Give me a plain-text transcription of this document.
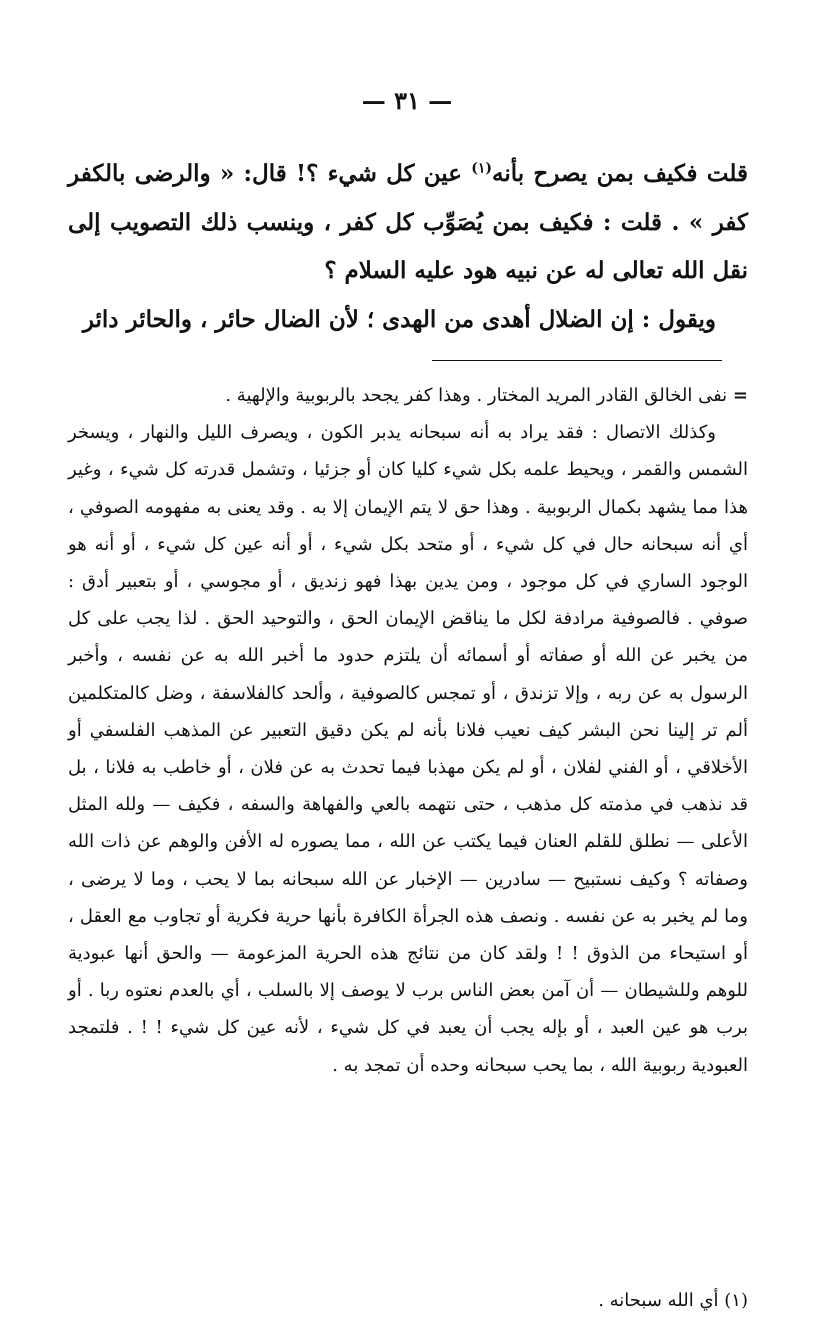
— ٣١ —

قلت فكيف بمن يصرح بأنه$^{(١)}$ عين كل شيء ؟! قال: « والرضى بالكفر كفر » . قلت : فكيف بمن يُصَوِّب كل كفر ، وينسب ذلك التصويب إلى نقل الله تعالى له عن نبيه هود عليه السلام ؟

ويقول : إن الضلال أهدى من الهدى ؛ لأن الضال حائر ، والحائر دائر

= نفى الخالق القادر المريد المختار . وهذا كفر يجحد بالربوبية والإلهية .

وكذلك الاتصال : فقد يراد به أنه سبحانه يدبر الكون ، ويصرف الليل والنهار ، ويسخر الشمس والقمر ، ويحيط علمه بكل شيء كليا كان أو جزئيا ، وتشمل قدرته كل شيء ، وغير هذا مما يشهد بكمال الربوبية . وهذا حق لا يتم الإيمان إلا به . وقد يعنى به مفهومه الصوفي ، أي أنه سبحانه حال في كل شيء ، أو متحد بكل شيء ، أو أنه عين كل شيء ، أو أنه هو الوجود الساري في كل موجود ، ومن يدين بهذا فهو زنديق ، أو مجوسي ، أو بتعبير أدق : صوفي . فالصوفية مرادفة لكل ما يناقض الإيمان الحق ، والتوحيد الحق . لذا يجب على كل من يخبر عن الله أو صفاته أو أسمائه أن يلتزم حدود ما أخبر الله به عن نفسه ، وأخبر الرسول به عن ربه ، وإلا تزندق ، أو تمجس كالصوفية ، وألحد كالفلاسفة ، وضل كالمتكلمين ألم تر إلينا نحن البشر كيف نعيب فلانا بأنه لم يكن دقيق التعبير عن المذهب الفلسفي أو الأخلاقي ، أو الفني لفلان ، أو لم يكن مهذبا فيما تحدث به عن فلان ، أو خاطب به فلانا ، بل قد نذهب في مذمته كل مذهب ، حتى نتهمه بالعي والفهاهة والسفه ، فكيف — ولله المثل الأعلى — نطلق للقلم العنان فيما يكتب عن الله ، مما يصوره له الأفن والوهم عن ذات الله وصفاته ؟ وكيف نستبيح — سادرين — الإخبار عن الله سبحانه بما لا يحب ، وما لا يرضى ، وما لم يخبر به عن نفسه . ونصف هذه الجرأة الكافرة بأنها حرية فكرية أو تجاوب مع العقل ، أو استيحاء من الذوق ! ! ولقد كان من نتائج هذه الحرية المزعومة — والحق أنها عبودية للوهم وللشيطان — أن آمن بعض الناس برب لا يوصف إلا بالسلب ، أي بالعدم نعتوه ربا . أو برب هو عين العبد ، أو بإله يجب أن يعبد في كل شيء ، لأنه عين كل شيء ! ! . فلتمجد العبودية ربوبية الله ، بما يحب سبحانه وحده أن تمجد به .

(١) أي الله سبحانه .
